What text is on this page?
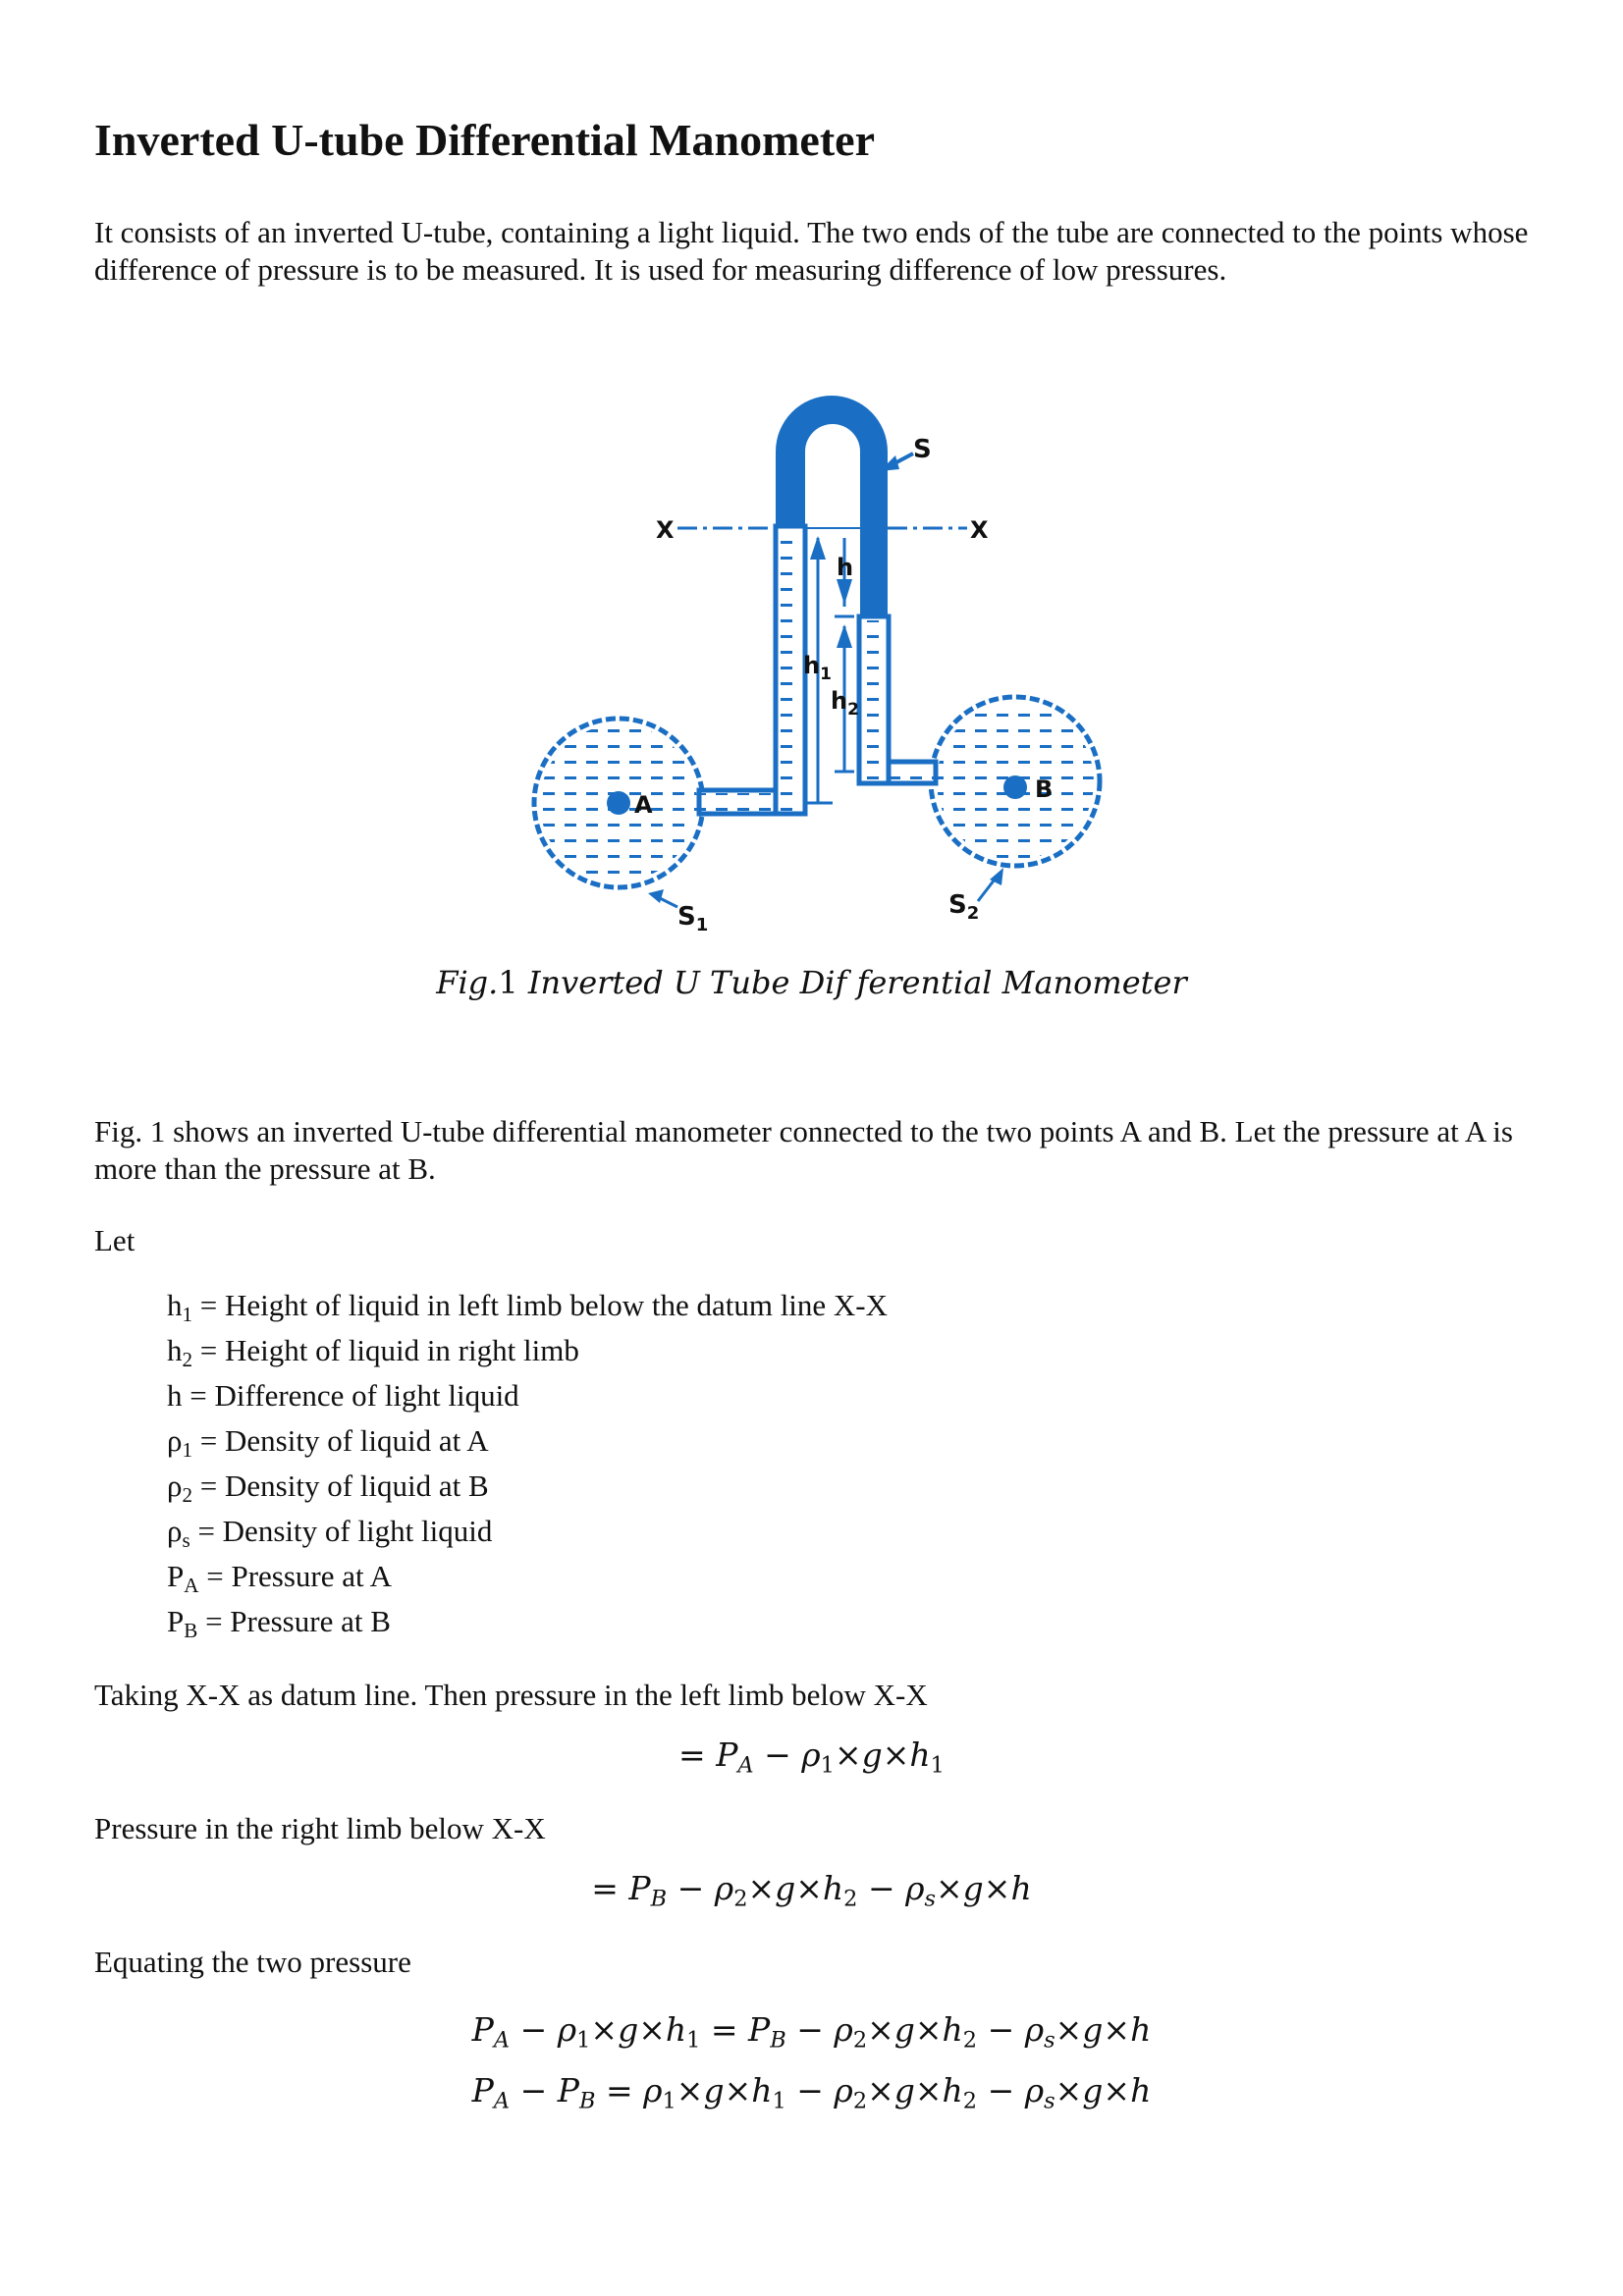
Inverted U-tube Differential Manometer

It consists of an inverted U-tube, containing a light liquid. The two ends of the tube are connected to the points whose difference of pressure is to be measured. It is used for measuring difference of low pressures.

X	X
h
$h_1$
$h_2$
S
A
B
$S_1$
$S_2$
Fig.1 Inverted U Tube Dif ferential Manometer

Fig. 1 shows an inverted U-tube differential manometer connected to the two points A and B. Let the pressure at A is more than the pressure at B.

Let

$h_1$ = Height of liquid in left limb below the datum line X-X
$h_2$ = Height of liquid in right limb
h = Difference of light liquid
$\rho_1$ = Density of liquid at A
$\rho_2$ = Density of liquid at B
$\rho_s$ = Density of light liquid
$P_A$ = Pressure at A
$P_B$ = Pressure at B

Taking X-X as datum line. Then pressure in the left limb below X-X

= $P_A - \rho_1\times g\times h_1$

Pressure in the right limb below X-X

= $P_B - \rho_2\times g\times h_2 - \rho_s\times g\times h$

Equating the two pressure

$P_A - \rho_1\times g\times h_1 = P_B - \rho_2\times g\times h_2 - \rho_s\times g\times h$
$P_A - P_B = \rho_1\times g\times h_1 - \rho_2\times g\times h_2 - \rho_s\times g\times h$
